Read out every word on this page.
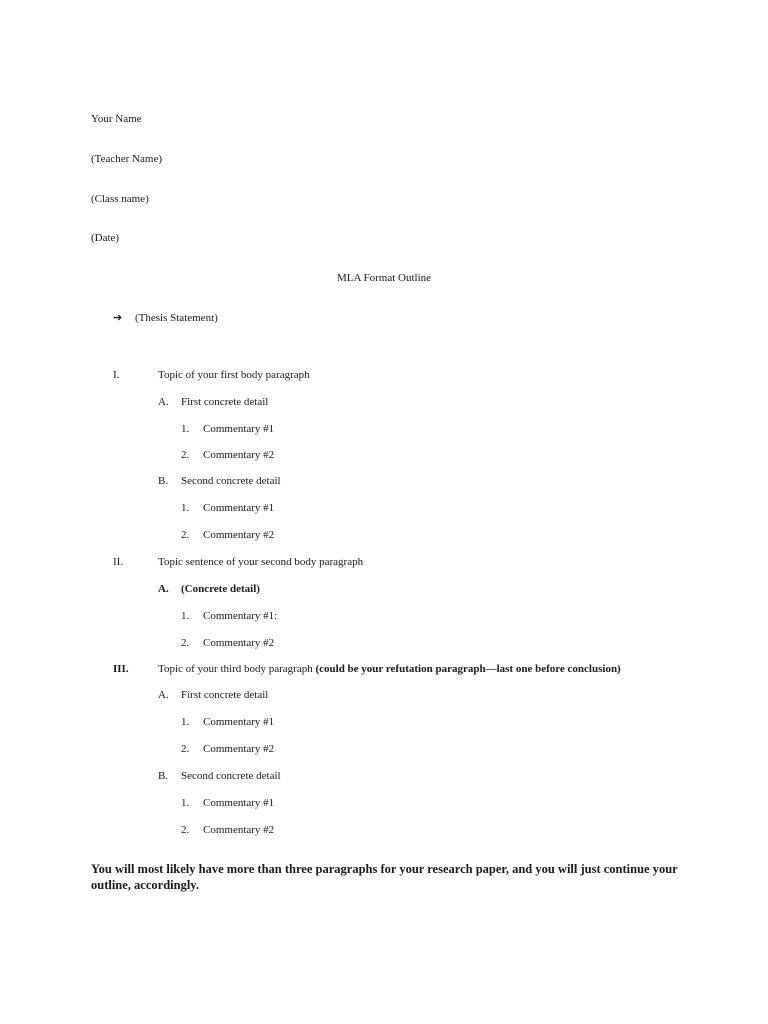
Your Name
(Teacher Name)
(Class name)
(Date)
MLA Format Outline
➔ (Thesis Statement)
I.	Topic of your first body paragraph
A. First concrete detail
1. Commentary #1
2. Commentary #2
B. Second concrete detail
1. Commentary #1
2. Commentary #2
II.	Topic sentence of your second body paragraph
A. (Concrete detail)
1. Commentary #1:
2. Commentary #2
III.	Topic of your third body paragraph (could be your refutation paragraph—last one before conclusion)
A. First concrete detail
1. Commentary #1
2. Commentary #2
B. Second concrete detail
1. Commentary #1
2. Commentary #2
You will most likely have more than three paragraphs for your research paper, and you will just continue your outline, accordingly.
